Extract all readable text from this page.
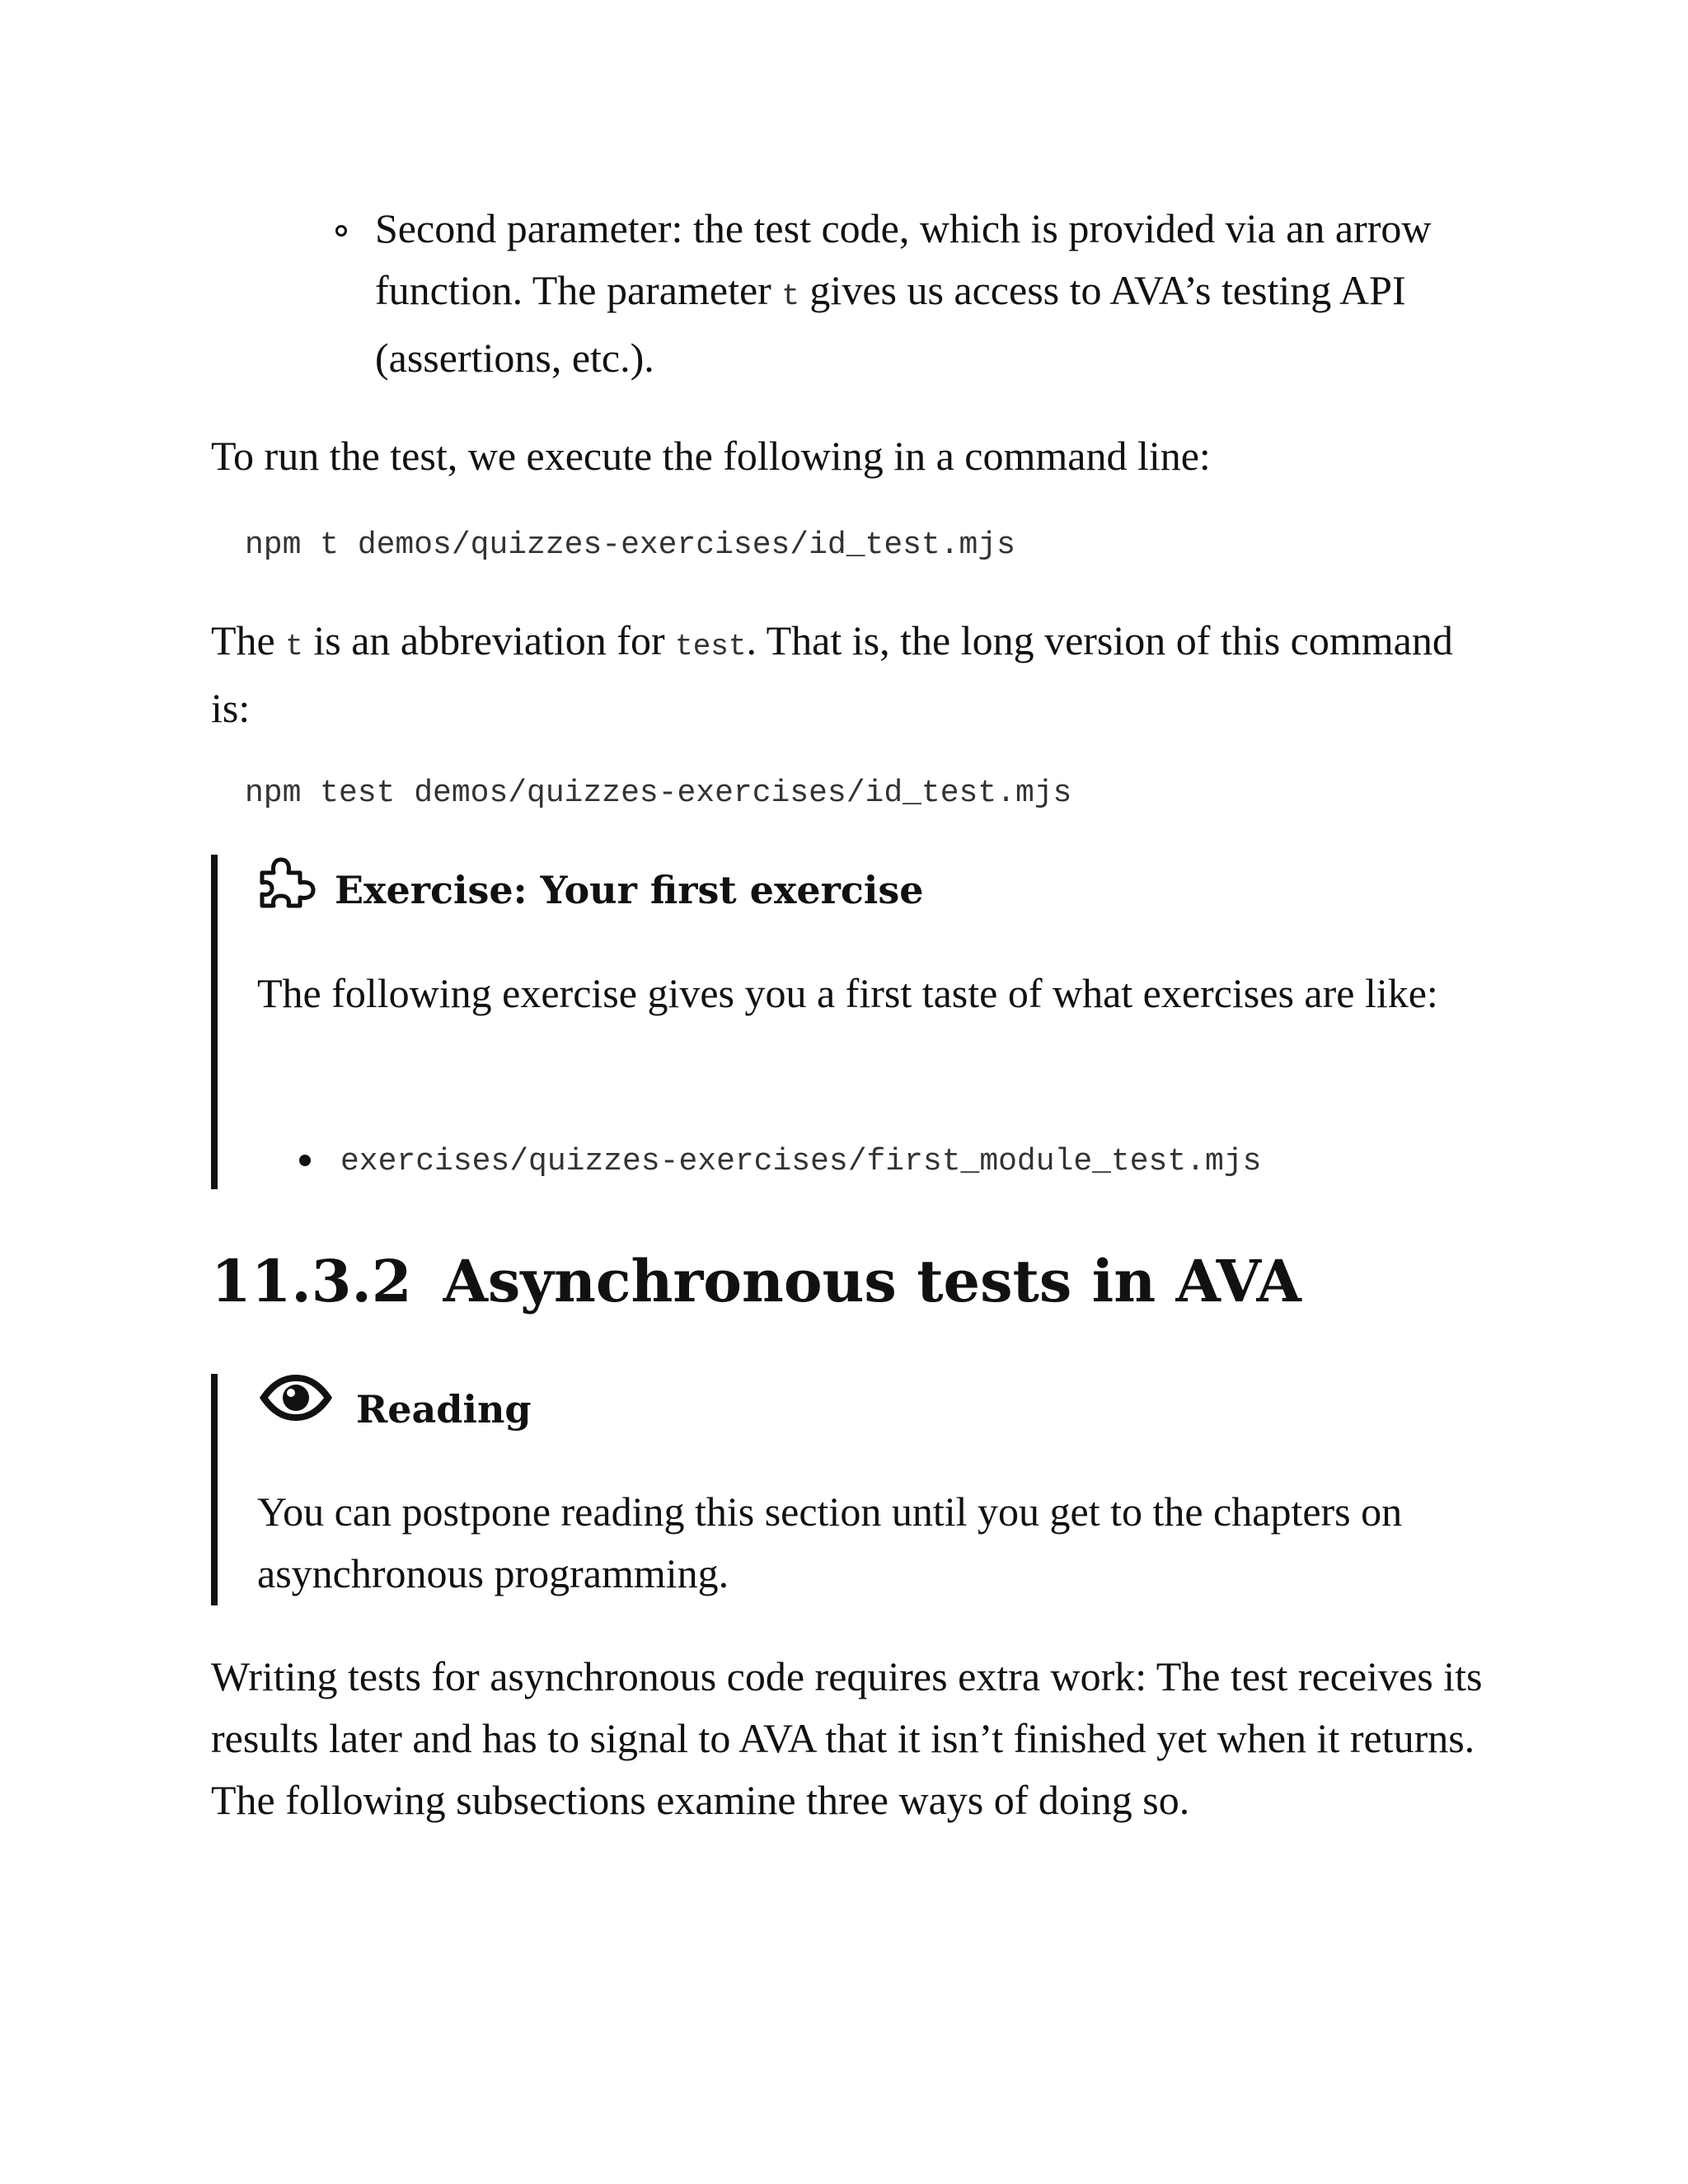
Second parameter: the test code, which is provided via an arrow function. The parameter t gives us access to AVA’s testing API (assertions, etc.).
To run the test, we execute the following in a command line:
npm t demos/quizzes-exercises/id_test.mjs
The t is an abbreviation for test. That is, the long version of this command is:
npm test demos/quizzes-exercises/id_test.mjs
Exercise: Your first exercise
The following exercise gives you a first taste of what exercises are like:
exercises/quizzes-exercises/first_module_test.mjs
11.3.2 Asynchronous tests in AVA
Reading
You can postpone reading this section until you get to the chapters on asynchronous programming.
Writing tests for asynchronous code requires extra work: The test receives its results later and has to signal to AVA that it isn’t finished yet when it returns. The following subsections examine three ways of doing so.
